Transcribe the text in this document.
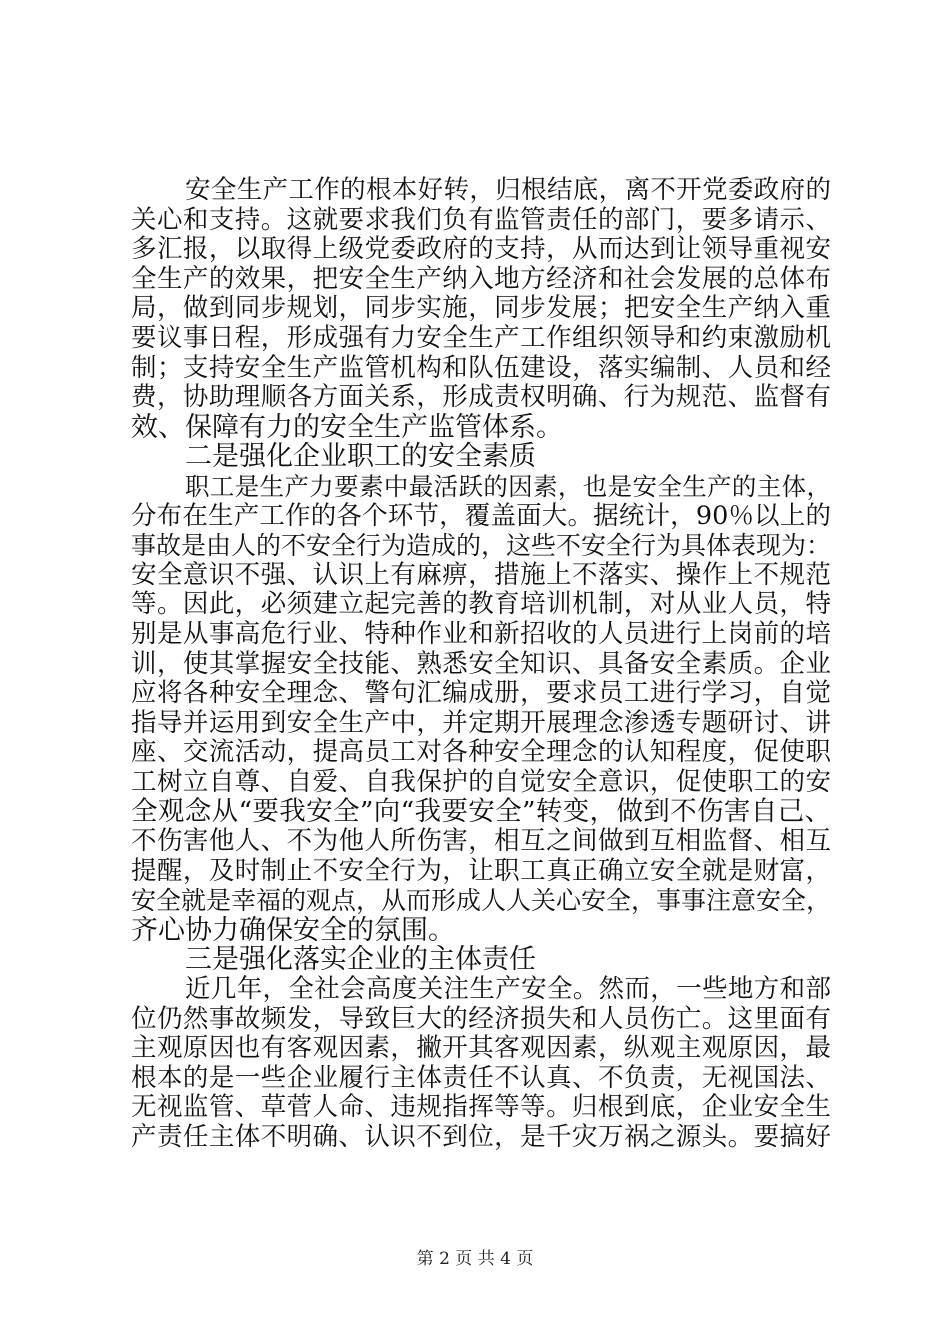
安全生产工作的根本好转，归根结底，离不开党委政府的
关心和支持。这就要求我们负有监管责任的部门，要多请示、
多汇报，以取得上级党委政府的支持，从而达到让领导重视安
全生产的效果，把安全生产纳入地方经济和社会发展的总体布
局，做到同步规划，同步实施，同步发展；把安全生产纳入重
要议事日程，形成强有力安全生产工作组织领导和约束激励机
制；支持安全生产监管机构和队伍建设，落实编制、人员和经
费，协助理顺各方面关系，形成责权明确、行为规范、监督有
效、保障有力的安全生产监管体系。
二是强化企业职工的安全素质
职工是生产力要素中最活跃的因素，也是安全生产的主体，
分布在生产工作的各个环节，覆盖面大。据统计，90％以上的
事故是由人的不安全行为造成的，这些不安全行为具体表现为：
安全意识不强、认识上有麻痹，措施上不落实、操作上不规范
等。因此，必须建立起完善的教育培训机制，对从业人员，特
别是从事高危行业、特种作业和新招收的人员进行上岗前的培
训，使其掌握安全技能、熟悉安全知识、具备安全素质。企业
应将各种安全理念、警句汇编成册，要求员工进行学习，自觉
指导并运用到安全生产中，并定期开展理念渗透专题研讨、讲
座、交流活动，提高员工对各种安全理念的认知程度，促使职
工树立自尊、自爱、自我保护的自觉安全意识，促使职工的安
全观念从“要我安全”向“我要安全”转变，做到不伤害自己、
不伤害他人、不为他人所伤害，相互之间做到互相监督、相互
提醒，及时制止不安全行为，让职工真正确立安全就是财富，
安全就是幸福的观点，从而形成人人关心安全，事事注意安全，
齐心协力确保安全的氛围。
三是强化落实企业的主体责任
近几年，全社会高度关注生产安全。然而，一些地方和部
位仍然事故频发，导致巨大的经济损失和人员伤亡。这里面有
主观原因也有客观因素，撇开其客观因素，纵观主观原因，最
根本的是一些企业履行主体责任不认真、不负责，无视国法、
无视监管、草菅人命、违规指挥等等。归根到底，企业安全生
产责任主体不明确、认识不到位，是千灾万祸之源头。要搞好
第 2 页 共 4 页
